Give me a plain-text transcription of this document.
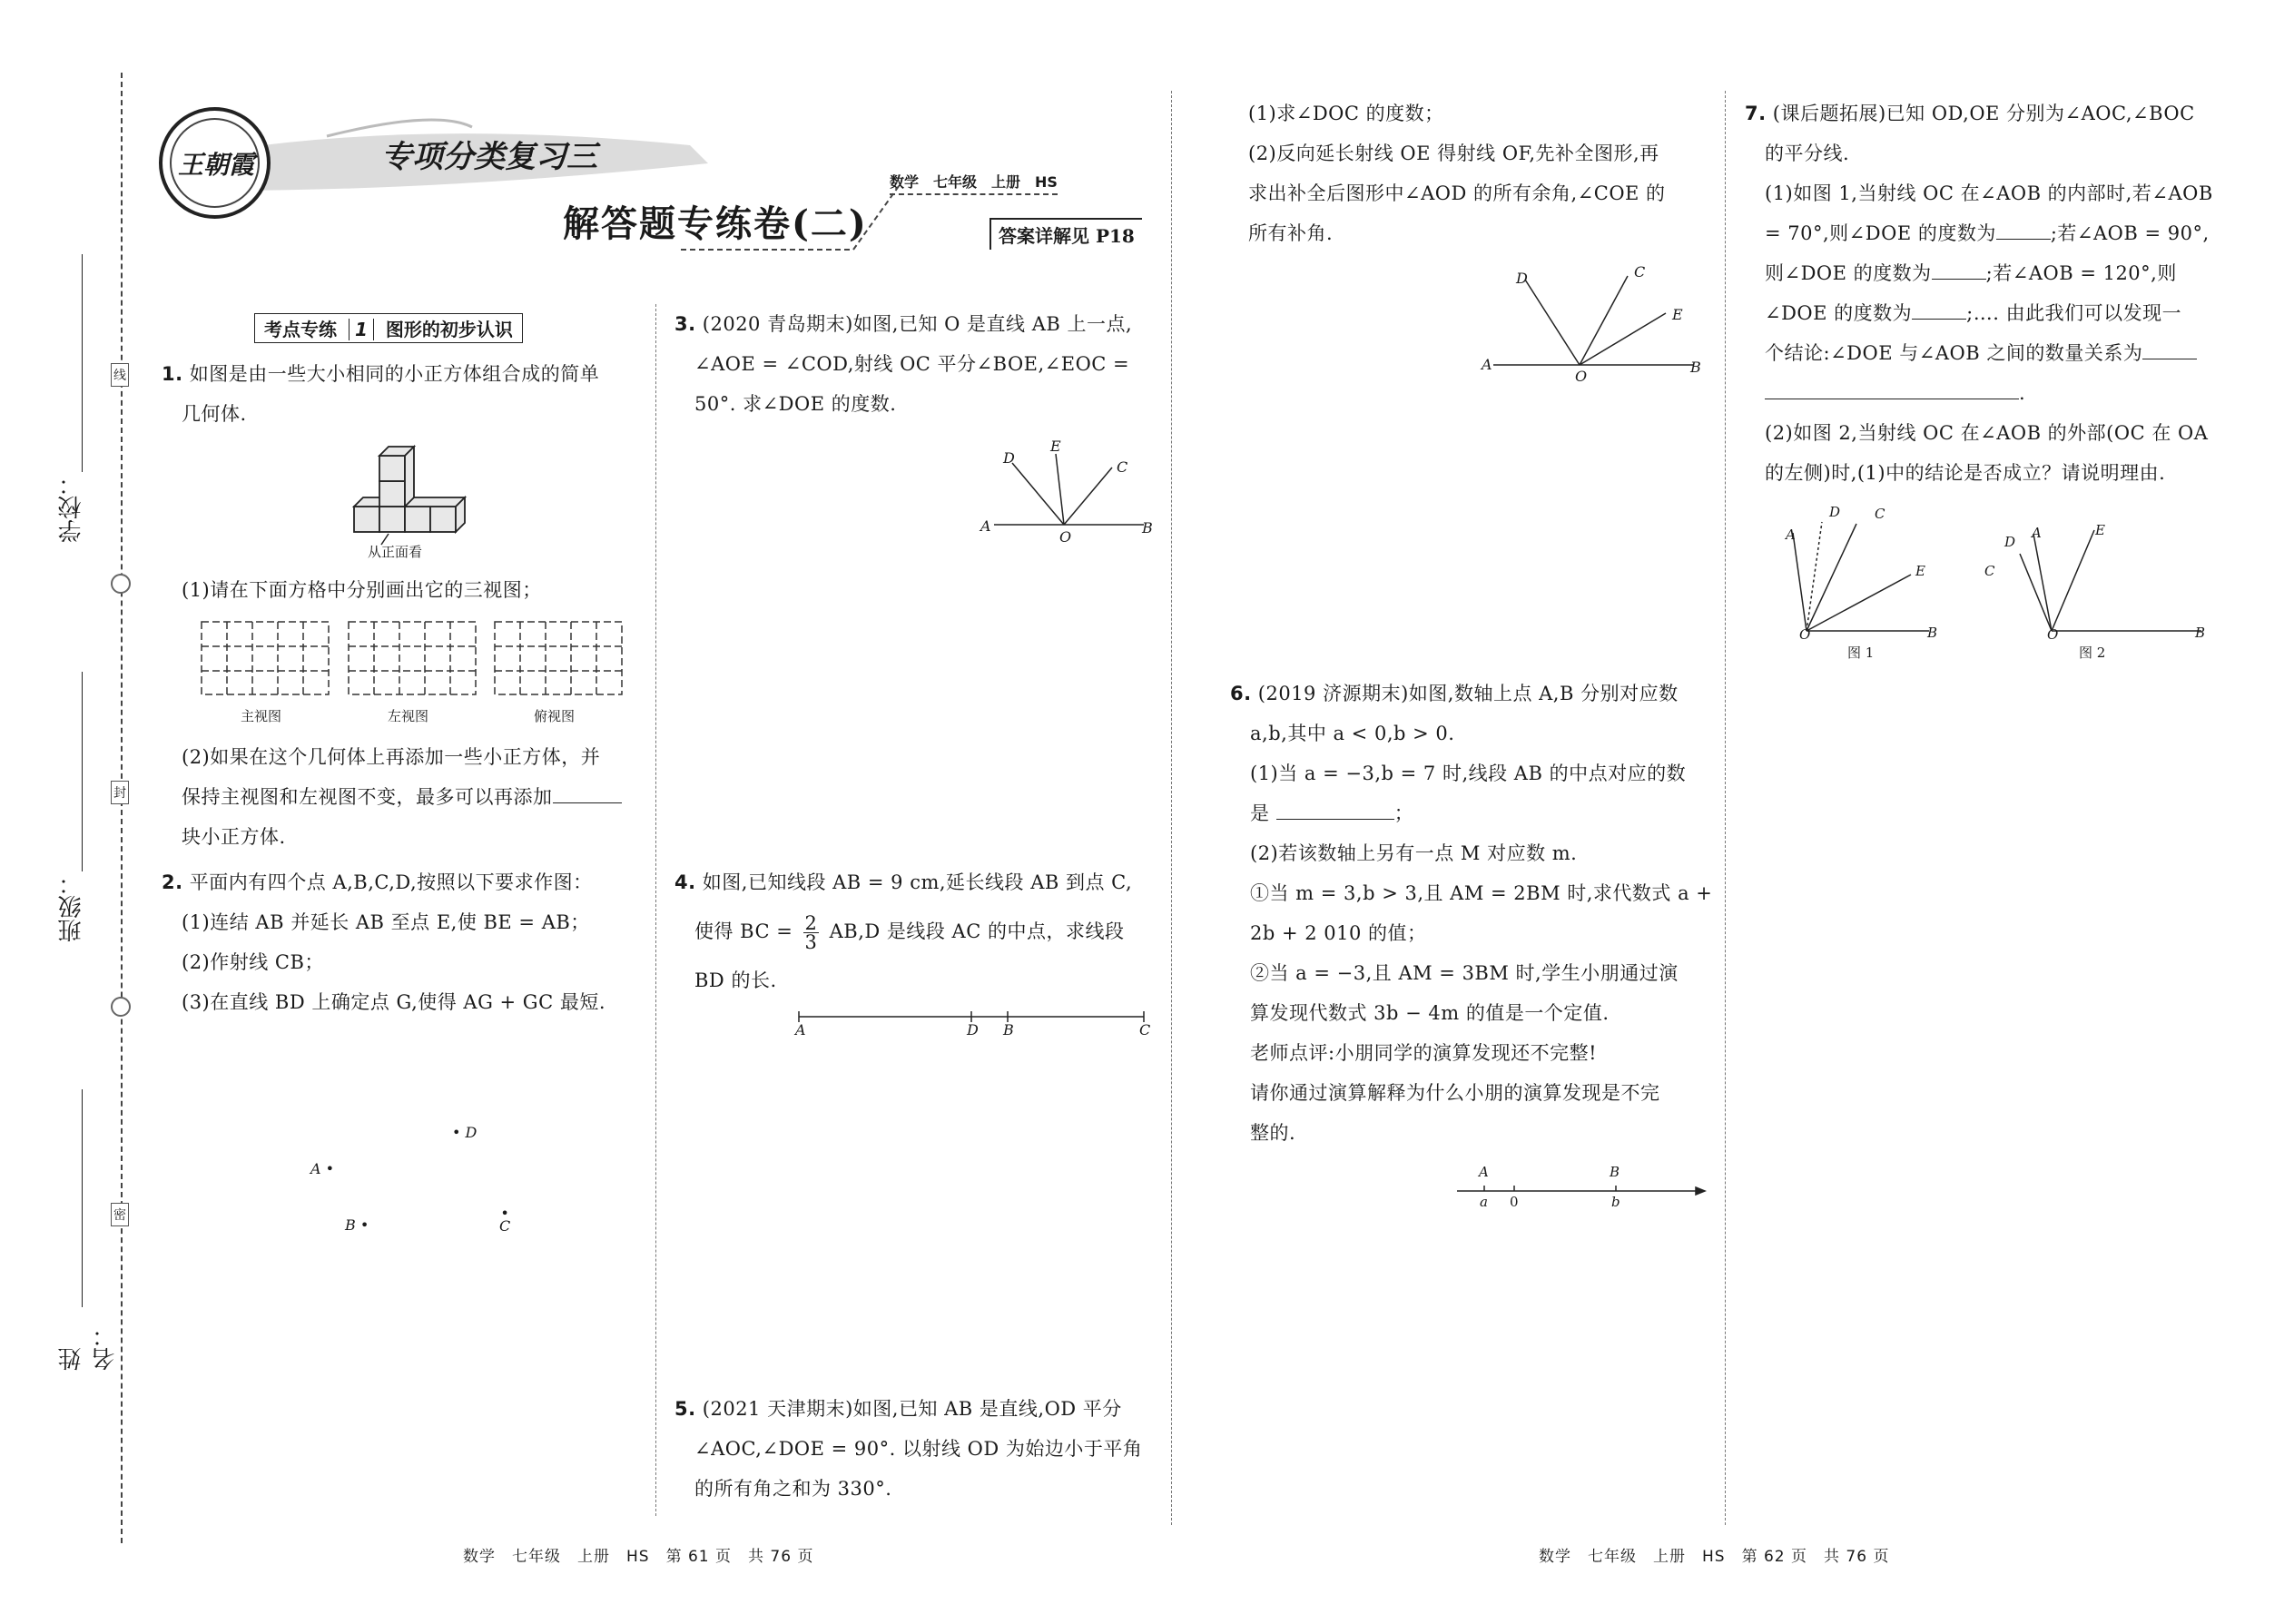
学校：
班级：
姓名：
线
封
密
王朝霞	专项分类复习三
解答题专练卷(二)
数学　七年级　上册　HS
答案详解见 P18
考点专练 1 图形的初步认识
1. 如图是由一些大小相同的小正方体组合成的简单
几何体.
从正面看
(1)请在下面方格中分别画出它的三视图；
主视图	左视图	俯视图
(2)如果在这个几何体上再添加一些小正方体，并
保持主视图和左视图不变，最多可以再添加
块小正方体.
2. 平面内有四个点 A,B,C,D,按照以下要求作图：
(1)连结 AB 并延长 AB 至点 E,使 BE = AB；
(2)作射线 CB；
(3)在直线 BD 上确定点 G,使得 AG + GC 最短.
• D
A •
B •
•
C
3. (2020 青岛期末)如图,已知 O 是直线 AB 上一点,
∠AOE = ∠COD,射线 OC 平分∠BOE,∠EOC =
50°. 求∠DOE 的度数.
D
E
C
A
O
B
4. 如图,已知线段 AB = 9 cm,延长线段 AB 到点 C,
使得 BC = $\frac{2}{3} AB,D$ 是线段 AC 的中点，求线段
BD 的长.
A	D B	C
5. (2021 天津期末)如图,已知 AB 是直线,OD 平分
∠AOC,∠DOE = 90°. 以射线 OD 为始边小于平角
的所有角之和为 330°.
数学　七年级　上册　HS　第 61 页　共 76 页
(1)求∠DOC 的度数；
(2)反向延长射线 OE 得射线 OF,先补全图形,再
求出补全后图形中∠AOD 的所有余角,∠COE 的
所有补角.
D	C
E
A
O
B
6. (2019 济源期末)如图,数轴上点 A,B 分别对应数
a,b,其中 a < 0,b > 0.
(1)当 a = −3,b = 7 时,线段 AB 的中点对应的数
是	；
(2)若该数轴上另有一点 M 对应数 m.
①当 m = 3,b > 3,且 AM = 2BM 时,求代数式 a +
2b + 2 010 的值；
②当 a = −3,且 AM = 3BM 时,学生小朋通过演
算发现代数式 3b − 4m 的值是一个定值.
老师点评:小朋同学的演算发现还不完整!
请你通过演算解释为什么小朋的演算发现是不完
整的.
A	B
a 0	b
7. (课后题拓展)已知 OD,OE 分别为∠AOC,∠BOC
的平分线.
(1)如图 1,当射线 OC 在∠AOB 的内部时,若∠AOB
= 70°,则∠DOE 的度数为	;若∠AOB = 90°,
则∠DOE 的度数为	;若∠AOB = 120°,则
∠DOE 的度数为	;…. 由此我们可以发现一
个结论:∠DOE 与∠AOB 之间的数量关系为
.
(2)如图 2,当射线 OC 在∠AOB 的外部(OC 在 OA
的左侧)时,(1)中的结论是否成立？请说明理由.
A
D	C
E
O	B
图 1
D
A	E
C
O	B
图 2
数学　七年级　上册　HS　第 62 页　共 76 页
